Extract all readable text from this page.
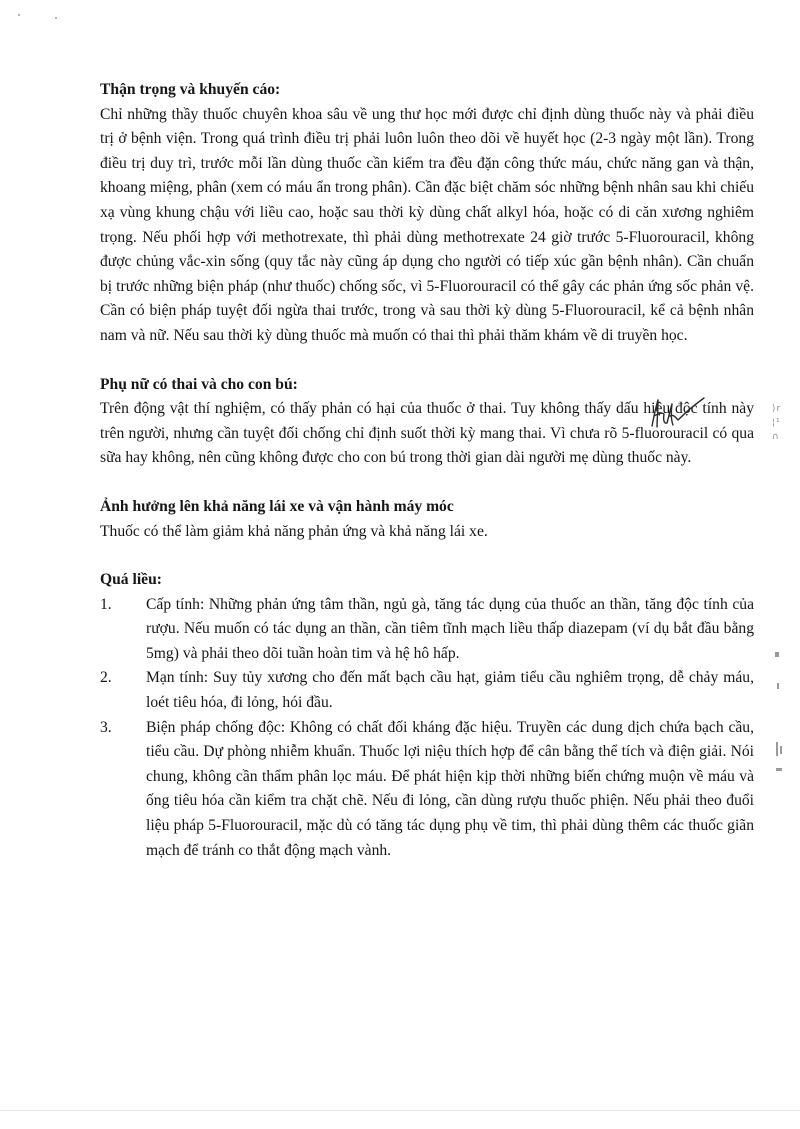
Thận trọng và khuyến cáo:

Chỉ những thầy thuốc chuyên khoa sâu về ung thư học mới được chỉ định dùng thuốc này và phải điều trị ở bệnh viện. Trong quá trình điều trị phải luôn luôn theo dõi về huyết học (2-3 ngày một lần). Trong điều trị duy trì, trước mỗi lần dùng thuốc cần kiểm tra đều đặn công thức máu, chức năng gan và thận, khoang miệng, phân (xem có máu ẩn trong phân). Cần đặc biệt chăm sóc những bệnh nhân sau khi chiếu xạ vùng khung chậu với liều cao, hoặc sau thời kỳ dùng chất alkyl hóa, hoặc có di căn xương nghiêm trọng. Nếu phối hợp với methotrexate, thì phải dùng methotrexate 24 giờ trước 5-Fluorouracil, không được chủng vắc-xin sống (quy tắc này cũng áp dụng cho người có tiếp xúc gần bệnh nhân). Cần chuẩn bị trước những biện pháp (như thuốc) chống sốc, vì 5-Fluorouracil có thể gây các phản ứng sốc phản vệ. Cần có biện pháp tuyệt đối ngừa thai trước, trong và sau thời kỳ dùng 5-Fluorouracil, kể cả bệnh nhân nam và nữ. Nếu sau thời kỳ dùng thuốc mà muốn có thai thì phải thăm khám về di truyền học.

Phụ nữ có thai và cho con bú:

Trên động vật thí nghiệm, có thấy phản có hại của thuốc ở thai. Tuy không thấy dấu hiệu độc tính này trên người, nhưng cần tuyệt đối chống chỉ định suốt thời kỳ mang thai. Vì chưa rõ 5-fluorouracil có qua sữa hay không, nên cũng không được cho con bú trong thời gian dài người mẹ dùng thuốc này.

Ảnh hưởng lên khả năng lái xe và vận hành máy móc

Thuốc có thể làm giảm khả năng phản ứng và khả năng lái xe.

Quá liều:

1. Cấp tính: Những phản ứng tâm thần, ngủ gà, tăng tác dụng của thuốc an thần, tăng độc tính của rượu. Nếu muốn có tác dụng an thần, cần tiêm tĩnh mạch liều thấp diazepam (ví dụ bắt đầu bằng 5mg) và phải theo dõi tuần hoàn tim và hệ hô hấp.
2. Mạn tính: Suy tủy xương cho đến mất bạch cầu hạt, giảm tiểu cầu nghiêm trọng, dễ chảy máu, loét tiêu hóa, đi lỏng, hói đầu.
3. Biện pháp chống độc: Không có chất đối kháng đặc hiệu. Truyền các dung dịch chứa bạch cầu, tiểu cầu. Dự phòng nhiễm khuẩn. Thuốc lợi niệu thích hợp để cân bằng thể tích và điện giải. Nói chung, không cần thẩm phân lọc máu. Để phát hiện kịp thời những biến chứng muộn về máu và ống tiêu hóa cần kiểm tra chặt chẽ. Nếu đi lỏng, cần dùng rượu thuốc phiện. Nếu phải theo đuổi liệu pháp 5-Fluorouracil, mặc dù có tăng tác dụng phụ về tim, thì phải dùng thêm các thuốc giãn mạch để tránh co thắt động mạch vành.
⟩r
¦¹
∩
